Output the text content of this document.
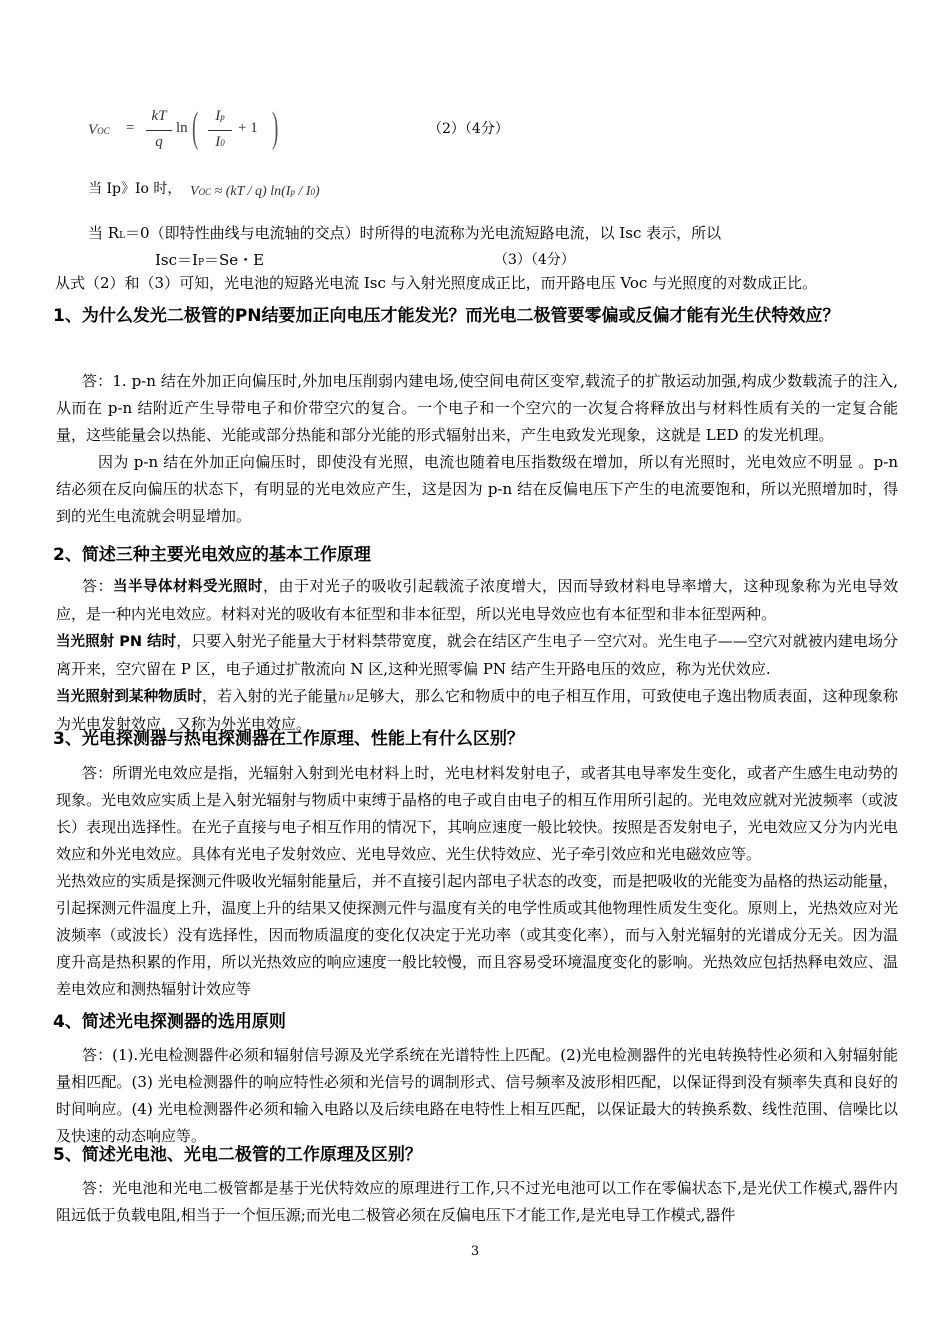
VOC =
kT
q
ln (	Ip
I0
+ 1 )	（2）（4分）
当 Ip》Io 时， VOC ≈ (kT / q) ln(Ip / I0)
当 RL＝0（即特性曲线与电流轴的交点）时所得的电流称为光电流短路电流，以 Isc 表示，所以
Isc＝IP＝Se・E	（3）（4分）
从式（2）和（3）可知，光电池的短路光电流 Isc 与入射光照度成正比，而开路电压 Voc 与光照度的对数成正比。
1、为什么发光二极管的PN结要加正向电压才能发光？而光电二极管要零偏或反偏才能有光生伏特效应？

答：1. p-n 结在外加正向偏压时,外加电压削弱内建电场,使空间电荷区变窄,载流子的扩散运动加强,构成少数载流子的注入,从而在 p-n 结附近产生导带电子和价带空穴的复合。一个电子和一个空穴的一次复合将释放出与材料性质有关的一定复合能量，这些能量会以热能、光能或部分热能和部分光能的形式辐射出来，产生电致发光现象，这就是 LED 的发光机理。

因为 p-n 结在外加正向偏压时，即使没有光照，电流也随着电压指数级在增加，所以有光照时，光电效应不明显 。p-n 结必须在反向偏压的状态下，有明显的光电效应产生，这是因为 p-n 结在反偏电压下产生的电流要饱和，所以光照增加时，得到的光生电流就会明显增加。

2、简述三种主要光电效应的基本工作原理

答：当半导体材料受光照时，由于对光子的吸收引起载流子浓度增大，因而导致材料电导率增大，这种现象称为光电导效应，是一种内光电效应。材料对光的吸收有本征型和非本征型，所以光电导效应也有本征型和非本征型两种。

当光照射 PN 结时，只要入射光子能量大于材料禁带宽度，就会在结区产生电子－空穴对。光生电子——空穴对就被内建电场分离开来，空穴留在 P 区，电子通过扩散流向 N 区,这种光照零偏 PN 结产生开路电压的效应，称为光伏效应.

当光照射到某种物质时，若入射的光子能量hν足够大，那么它和物质中的电子相互作用，可致使电子逸出物质表面，这种现象称为光电发射效应，又称为外光电效应。

3、光电探测器与热电探测器在工作原理、性能上有什么区别？

答：所谓光电效应是指，光辐射入射到光电材料上时，光电材料发射电子，或者其电导率发生变化，或者产生感生电动势的现象。光电效应实质上是入射光辐射与物质中束缚于晶格的电子或自由电子的相互作用所引起的。光电效应就对光波频率（或波长）表现出选择性。在光子直接与电子相互作用的情况下，其响应速度一般比较快。按照是否发射电子，光电效应又分为内光电效应和外光电效应。具体有光电子发射效应、光电导效应、光生伏特效应、光子牵引效应和光电磁效应等。

光热效应的实质是探测元件吸收光辐射能量后，并不直接引起内部电子状态的改变，而是把吸收的光能变为晶格的热运动能量，引起探测元件温度上升，温度上升的结果又使探测元件与温度有关的电学性质或其他物理性质发生变化。原则上，光热效应对光波频率（或波长）没有选择性，因而物质温度的变化仅决定于光功率（或其变化率），而与入射光辐射的光谱成分无关。因为温度升高是热积累的作用，所以光热效应的响应速度一般比较慢，而且容易受环境温度变化的影响。光热效应包括热释电效应、温差电效应和测热辐射计效应等

4、简述光电探测器的选用原则

答：(1).光电检测器件必须和辐射信号源及光学系统在光谱特性上匹配。(2)光电检测器件的光电转换特性必须和入射辐射能量相匹配。(3) 光电检测器件的响应特性必须和光信号的调制形式、信号频率及波形相匹配，以保证得到没有频率失真和良好的时间响应。(4) 光电检测器件必须和输入电路以及后续电路在电特性上相互匹配，以保证最大的转换系数、线性范围、信噪比以及快速的动态响应等。

5、简述光电池、光电二极管的工作原理及区别？

答：光电池和光电二极管都是基于光伏特效应的原理进行工作,只不过光电池可以工作在零偏状态下,是光伏工作模式,器件内阻远低于负载电阻,相当于一个恒压源;而光电二极管必须在反偏电压下才能工作,是光电导工作模式,器件

3
